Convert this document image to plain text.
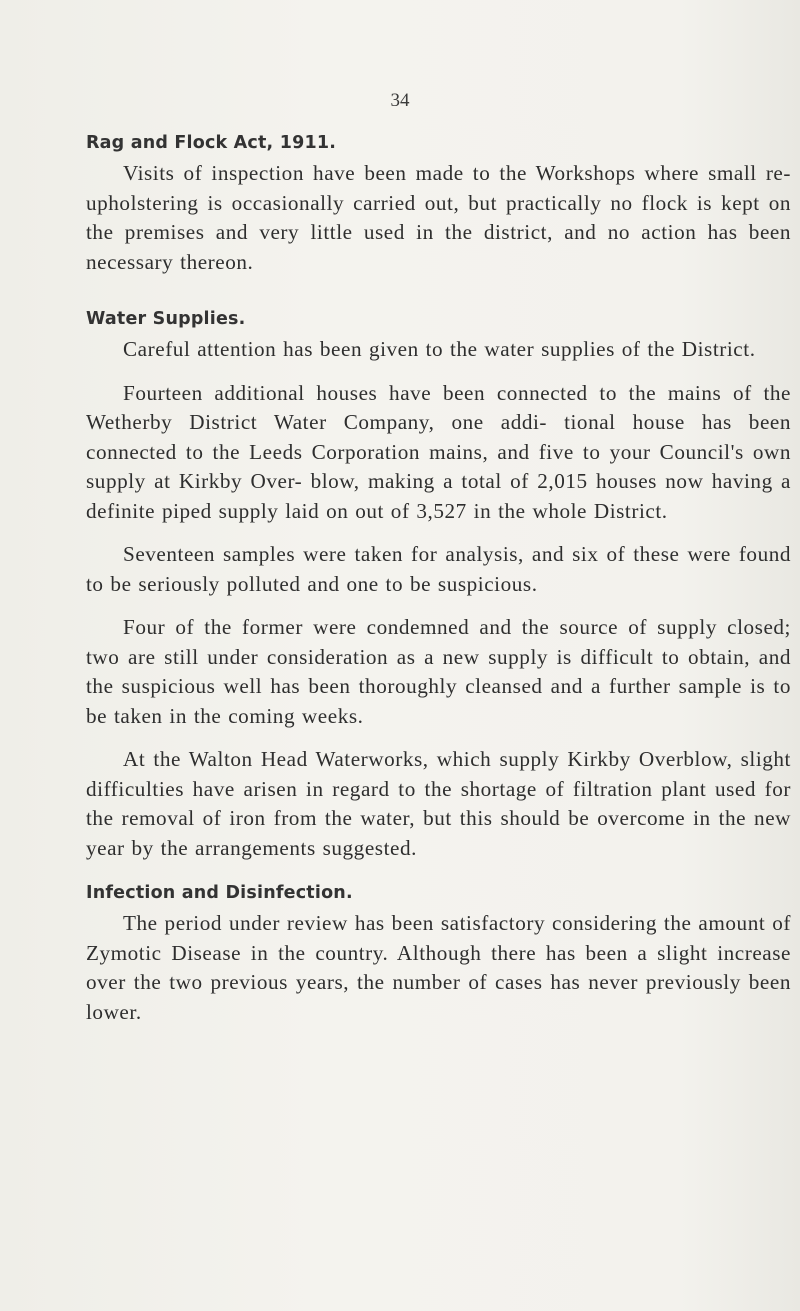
34
Rag and Flock Act, 1911.

Visits of inspection have been made to the Workshops where small re-upholstering is occasionally carried out, but practically no flock is kept on the premises and very little used in the district, and no action has been necessary thereon.

Water Supplies.

Careful attention has been given to the water supplies of the District.

Fourteen additional houses have been connected to the mains of the Wetherby District Water Company, one addi- tional house has been connected to the Leeds Corporation mains, and five to your Council's own supply at Kirkby Over- blow, making a total of 2,015 houses now having a definite piped supply laid on out of 3,527 in the whole District.

Seventeen samples were taken for analysis, and six of these were found to be seriously polluted and one to be suspicious.

Four of the former were condemned and the source of supply closed; two are still under consideration as a new supply is difficult to obtain, and the suspicious well has been thoroughly cleansed and a further sample is to be taken in the coming weeks.

At the Walton Head Waterworks, which supply Kirkby Overblow, slight difficulties have arisen in regard to the shortage of filtration plant used for the removal of iron from the water, but this should be overcome in the new year by the arrangements suggested.

Infection and Disinfection.

The period under review has been satisfactory considering the amount of Zymotic Disease in the country. Although there has been a slight increase over the two previous years, the number of cases has never previously been lower.
